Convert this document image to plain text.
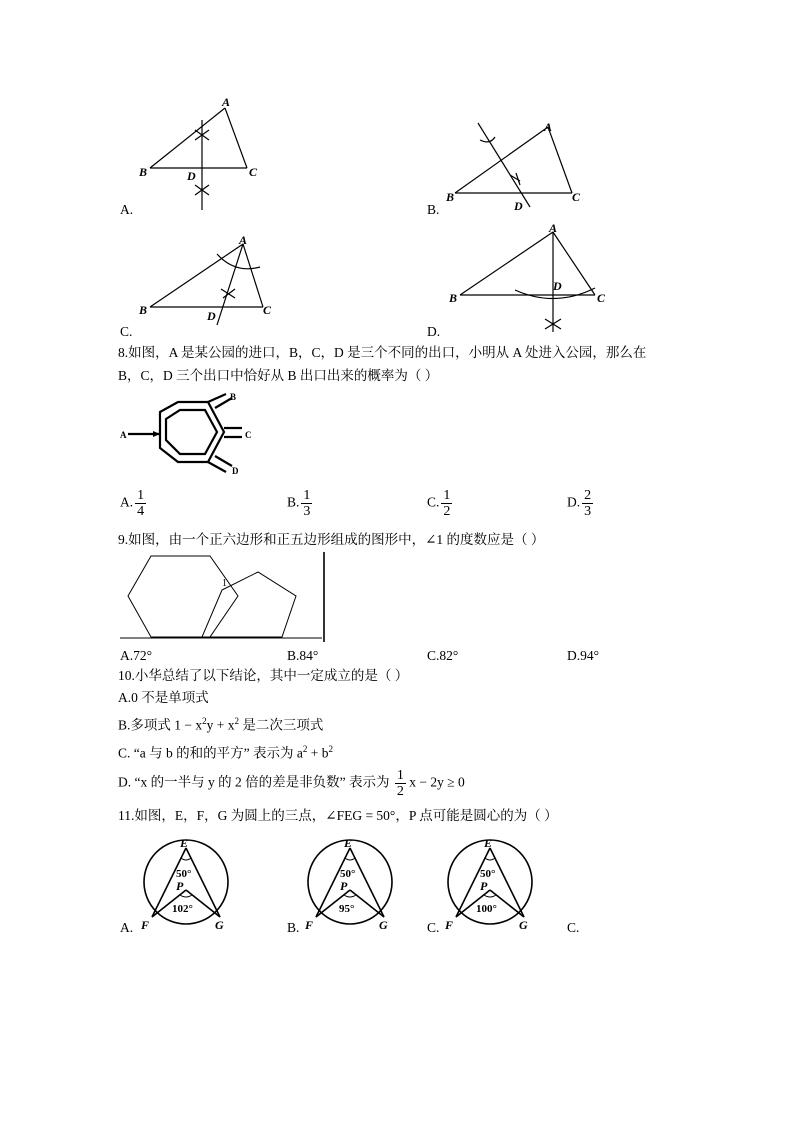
A
B	C
D
A.
A
B	C
D
B.
A
B	C
D
C.
A
B	C
D
D.
8.如图，A 是某公园的进口，B，C，D 是三个不同的出口，小明从 A 处进入公园，那么在
B，C，D 三个出口中恰好从 B 出口出来的概率为（ ）
B
C
D
A
A. $\frac{1}{4}$	B. $\frac{1}{3}$	C. $\frac{1}{2}$	D. $\frac{2}{3}$
9.如图，由一个正六边形和正五边形组成的图形中，∠1 的度数应是（ ）
1
A.72°	B.84°	C.82°	D.94°
10.小华总结了以下结论，其中一定成立的是（ ）
A.0 不是单项式
B.多项式 $1 - x^2y + x^2$ 是二次三项式
C. “a 与 b 的和的平方” 表示为 $a^2 + b^2$
D. “x 的一半与 y 的 2 倍的差是非负数” 表示为 $\frac{1}{2}$ x − 2y ≥ 0
11.如图，E，F，G 为圆上的三点，∠FEG = 50°，P 点可能是圆心的为（ ）
E
F	G
P
50°
102°
A.
E
F	G
P
50°
95°
B.
E
F	G
P
50°
100°
C.	C.
